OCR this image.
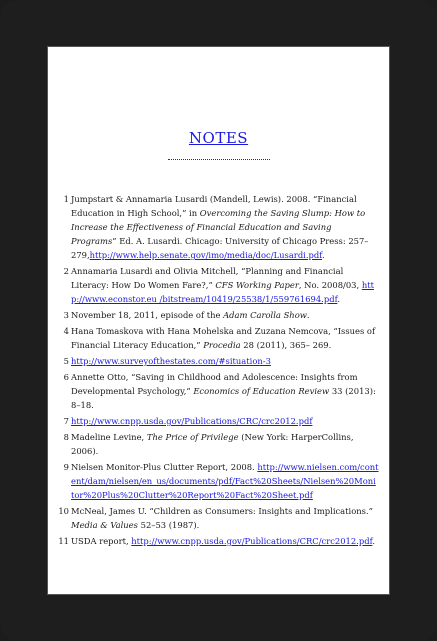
NOTES
1 Jumpstart & Annamaria Lusardi (Mandell, Lewis). 2008. “Financial Education in High School,” in Overcoming the Saving Slump: How to Increase the Effectiveness of Financial Education and Saving Programs” Ed. A. Lusardi. Chicago: University of Chicago Press: 257–279,http://www.help.senate.gov/imo/media/doc/Lusardi.pdf.
2 Annamaria Lusardi and Olivia Mitchell, “Planning and Financial Literacy: How Do Women Fare?,” CFS Working Paper, No. 2008/03, http://www.econstor.eu /bitstream/10419/25538/1/559761694.pdf.
3 November 18, 2011, episode of the Adam Carolla Show.
4 Hana Tomaskova with Hana Mohelska and Zuzana Nemcova, “Issues of Financial Literacy Education,” Procedia 28 (2011), 365– 269.
5 http://www.surveyofthestates.com/#situation-3
6 Annette Otto, “Saving in Childhood and Adolescence: Insights from Developmental Psychology,” Economics of Education Review 33 (2013): 8–18.
7 http://www.cnpp.usda.gov/Publications/CRC/crc2012.pdf
8 Madeline Levine, The Price of Privilege (New York: HarperCollins, 2006).
9 Nielsen Monitor-Plus Clutter Report, 2008. http://www.nielsen.com/content/dam/nielsen/en_us/documents/pdf/Fact%20Sheets/Nielsen%20Monitor%20Plus%20Clutter%20Report%20Fact%20Sheet.pdf
10 McNeal, James U. “Children as Consumers: Insights and Implications.” Media & Values 52–53 (1987).
11 USDA report, http://www.cnpp.usda.gov/Publications/CRC/crc2012.pdf.
